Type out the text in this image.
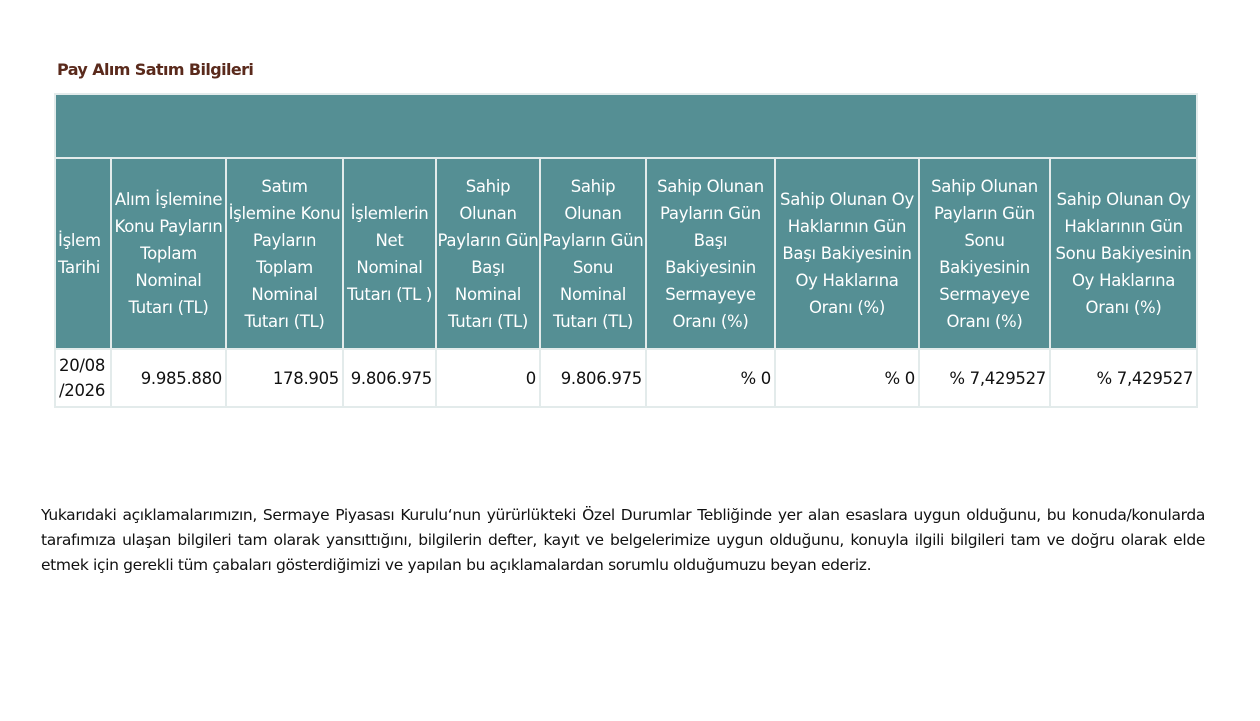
Pay Alım Satım Bilgileri

İşlem Tarihi	Alım İşlemine Konu Payların Toplam Nominal Tutarı (TL)	Satım İşlemine Konu Payların Toplam Nominal Tutarı (TL)	İşlemlerin Net Nominal Tutarı (TL )	Sahip Olunan Payların Gün Başı Nominal Tutarı (TL)	Sahip Olunan Payların Gün Sonu Nominal Tutarı (TL)	Sahip Olunan Payların Gün Başı Bakiyesinin Sermayeye Oranı (%)	Sahip Olunan Oy Haklarının Gün Başı Bakiyesinin Oy Haklarına Oranı (%)	Sahip Olunan Payların Gün Sonu Bakiyesinin Sermayeye Oranı (%)	Sahip Olunan Oy Haklarının Gün Sonu Bakiyesinin Oy Haklarına Oranı (%)
20/08 /2026	9.985.880	178.905	9.806.975	0	9.806.975	% 0	% 0	% 7,429527	% 7,429527

Yukarıdaki açıklamalarımızın, Sermaye Piyasası Kurulu‘nun yürürlükteki Özel Durumlar Tebliğinde yer alan esaslara uygun olduğunu, bu konuda/konularda tarafımıza ulaşan bilgileri tam olarak yansıttığını, bilgilerin defter, kayıt ve belgelerimize uygun olduğunu, konuyla ilgili bilgileri tam ve doğru olarak elde etmek için gerekli tüm çabaları gösterdiğimizi ve yapılan bu açıklamalardan sorumlu olduğumuzu beyan ederiz.
